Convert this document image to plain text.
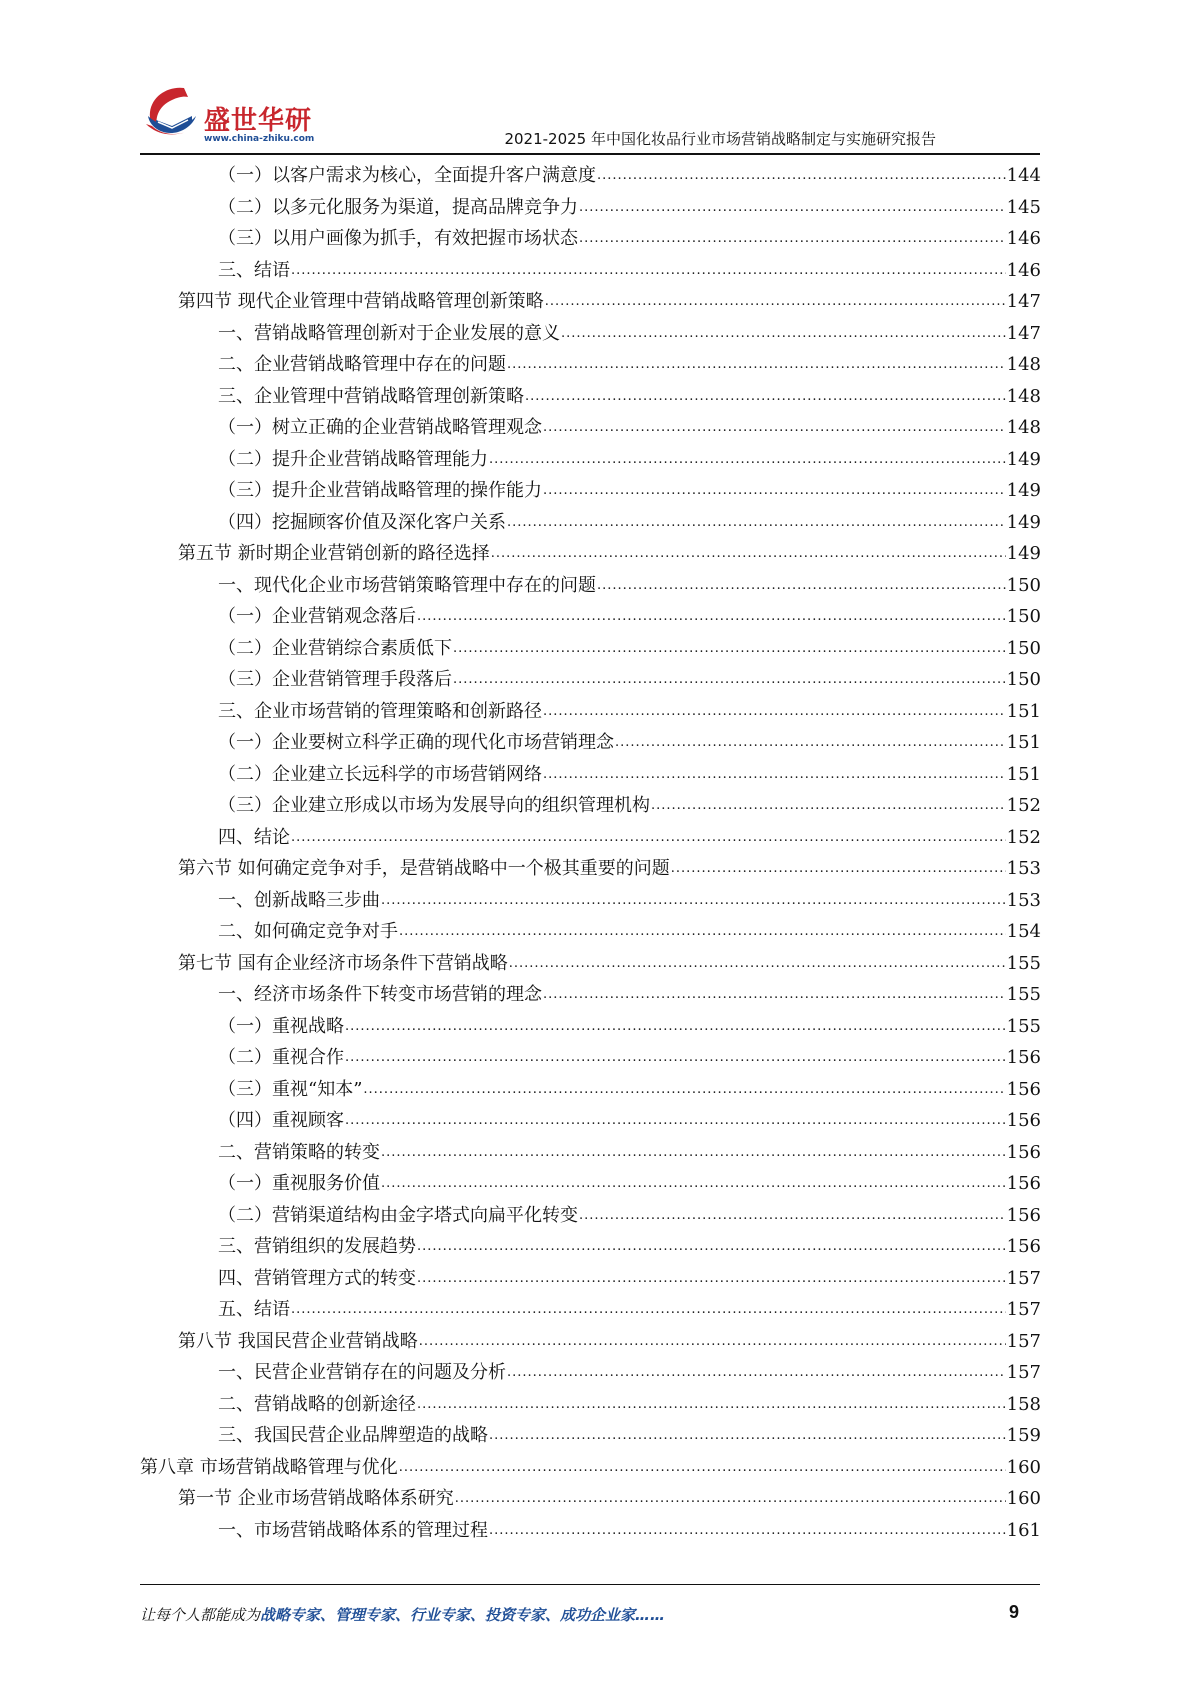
盛世华研
www.china-zhiku.com	2021-2025 年中国化妆品行业市场营销战略制定与实施研究报告
（一）以客户需求为核心，全面提升客户满意度 .....	144
（二）以多元化服务为渠道，提高品牌竞争力 .....	145
（三）以用户画像为抓手，有效把握市场状态 .....	146
三、结语 .....	146
第四节 现代企业管理中营销战略管理创新策略 .....	147
一、营销战略管理创新对于企业发展的意义 .....	147
二、企业营销战略管理中存在的问题 .....	148
三、企业管理中营销战略管理创新策略 .....	148
（一）树立正确的企业营销战略管理观念 .....	148
（二）提升企业营销战略管理能力 .....	149
（三）提升企业营销战略管理的操作能力 .....	149
（四）挖掘顾客价值及深化客户关系 .....	149
第五节 新时期企业营销创新的路径选择 .....	149
一、现代化企业市场营销策略管理中存在的问题 .....	150
（一）企业营销观念落后 .....	150
（二）企业营销综合素质低下 .....	150
（三）企业营销管理手段落后 .....	150
三、企业市场营销的管理策略和创新路径 .....	151
（一）企业要树立科学正确的现代化市场营销理念 .....	151
（二）企业建立长远科学的市场营销网络 .....	151
（三）企业建立形成以市场为发展导向的组织管理机构 .....	152
四、结论 .....	152
第六节 如何确定竞争对手，是营销战略中一个极其重要的问题 .....	153
一、创新战略三步曲 .....	153
二、如何确定竞争对手 .....	154
第七节 国有企业经济市场条件下营销战略 .....	155
一、经济市场条件下转变市场营销的理念 .....	155
（一）重视战略 .....	155
（二）重视合作 .....	156
（三）重视“知本” .....	156
（四）重视顾客 .....	156
二、营销策略的转变 .....	156
（一）重视服务价值 .....	156
（二）营销渠道结构由金字塔式向扁平化转变 .....	156
三、营销组织的发展趋势 .....	156
四、营销管理方式的转变 .....	157
五、结语 .....	157
第八节 我国民营企业营销战略 .....	157
一、民营企业营销存在的问题及分析 .....	157
二、营销战略的创新途径 .....	158
三、我国民营企业品牌塑造的战略 .....	159
第八章 市场营销战略管理与优化 .....	160
第一节 企业市场营销战略体系研究 .....	160
一、市场营销战略体系的管理过程 .....	161
让每个人都能成为战略专家、管理专家、行业专家、投资专家、成功企业家……	9
